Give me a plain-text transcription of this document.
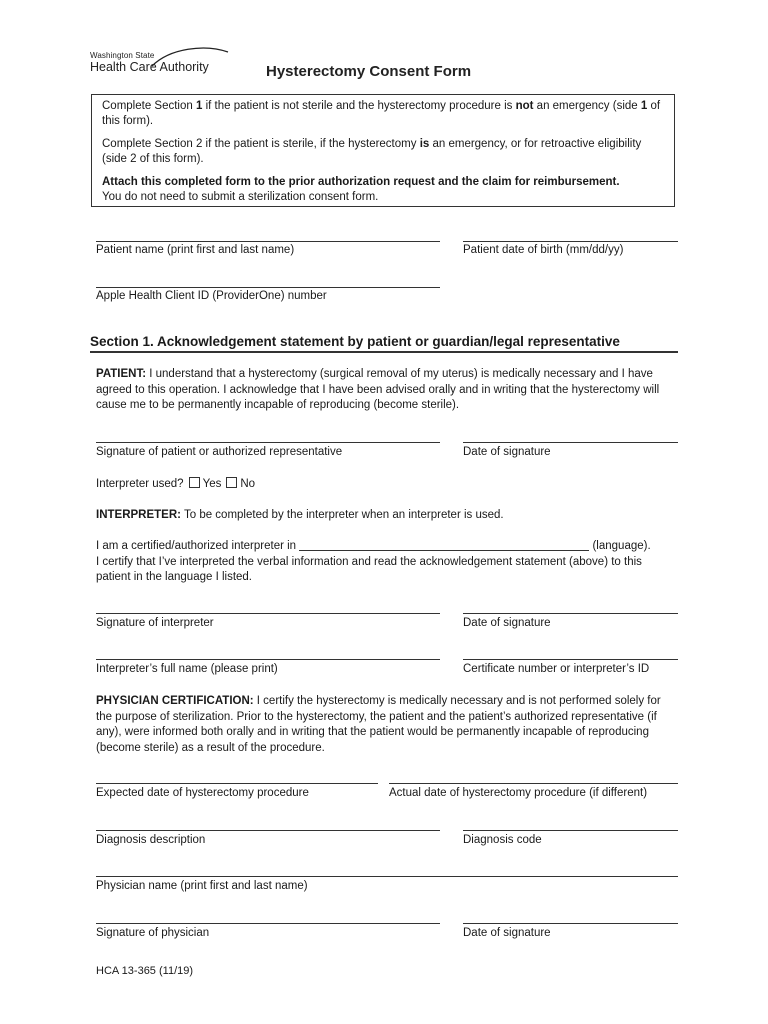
Washington State
Health Care Authority	Hysterectomy Consent Form

Complete Section 1 if the patient is not sterile and the hysterectomy procedure is not an emergency (side 1 of this form).

Complete Section 2 if the patient is sterile, if the hysterectomy is an emergency, or for retroactive eligibility (side 2 of this form).

Attach this completed form to the prior authorization request and the claim for reimbursement.
You do not need to submit a sterilization consent form.

Patient name (print first and last name)	Patient date of birth (mm/dd/yy)
Apple Health Client ID (ProviderOne) number
Section 1. Acknowledgement statement by patient or guardian/legal representative
PATIENT: I understand that a hysterectomy (surgical removal of my uterus) is medically necessary and I have agreed to this operation. I acknowledge that I have been advised orally and in writing that the hysterectomy will cause me to be permanently incapable of reproducing (become sterile).
Signature of patient or authorized representative	Date of signature
Interpreter used? Yes No
INTERPRETER: To be completed by the interpreter when an interpreter is used.
I am a certified/authorized interpreter in	(language).
I certify that I’ve interpreted the verbal information and read the acknowledgement statement (above) to this patient in the language I listed.
Signature of interpreter	Date of signature
Interpreter’s full name (please print)	Certificate number or interpreter’s ID
PHYSICIAN CERTIFICATION: I certify the hysterectomy is medically necessary and is not performed solely for the purpose of sterilization. Prior to the hysterectomy, the patient and the patient’s authorized representative (if any), were informed both orally and in writing that the patient would be permanently incapable of reproducing (become sterile) as a result of the procedure.
Expected date of hysterectomy procedure	Actual date of hysterectomy procedure (if different)
Diagnosis description	Diagnosis code
Physician name (print first and last name)
Signature of physician	Date of signature
HCA 13-365 (11/19)
